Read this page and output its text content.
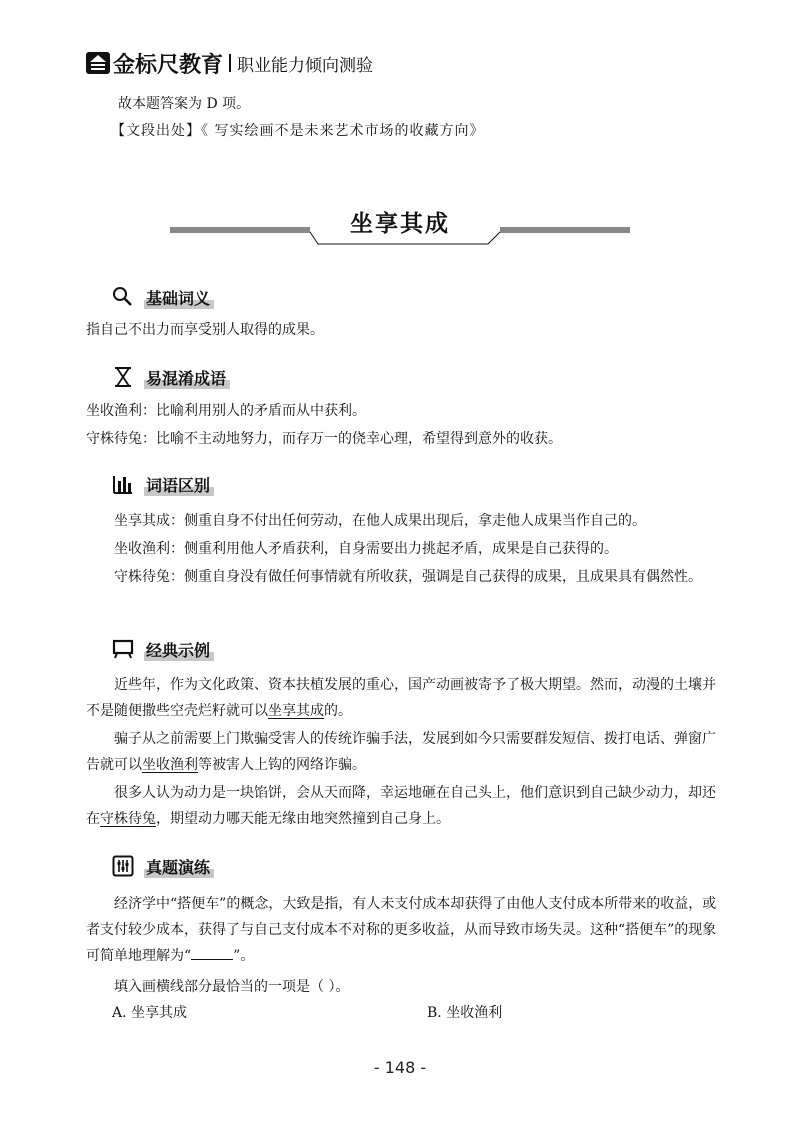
金标尺教育 职业能力倾向测验
故本题答案为 D 项。
【文段出处】《 写实绘画不是未来艺术市场的收藏方向》
坐享其成
基础词义
指自己不出力而享受别人取得的成果。
易混淆成语
坐收渔利：比喻利用别人的矛盾而从中获利。
守株待兔：比喻不主动地努力，而存万一的侥幸心理，希望得到意外的收获。
词语区别
坐享其成：侧重自身不付出任何劳动，在他人成果出现后，拿走他人成果当作自己的。
坐收渔利：侧重利用他人矛盾获利，自身需要出力挑起矛盾，成果是自己获得的。
守株待兔：侧重自身没有做任何事情就有所收获，强调是自己获得的成果，且成果具有偶然性。
经典示例
近些年，作为文化政策、资本扶植发展的重心，国产动画被寄予了极大期望。然而，动漫的土壤并不是随便撒些空壳烂籽就可以坐享其成的。
骗子从之前需要上门欺骗受害人的传统诈骗手法，发展到如今只需要群发短信、拨打电话、弹窗广告就可以坐收渔利等被害人上钩的网络诈骗。
很多人认为动力是一块馅饼，会从天而降，幸运地砸在自己头上，他们意识到自己缺少动力，却还在守株待兔，期望动力哪天能无缘由地突然撞到自己身上。
真题演练
经济学中“搭便车”的概念，大致是指，有人未支付成本却获得了由他人支付成本所带来的收益，或者支付较少成本，获得了与自己支付成本不对称的更多收益，从而导致市场失灵。这种“搭便车”的现象可简单地理解为“	”。
填入画横线部分最恰当的一项是（ ）。
A. 坐享其成	B. 坐收渔利
- 148 -
